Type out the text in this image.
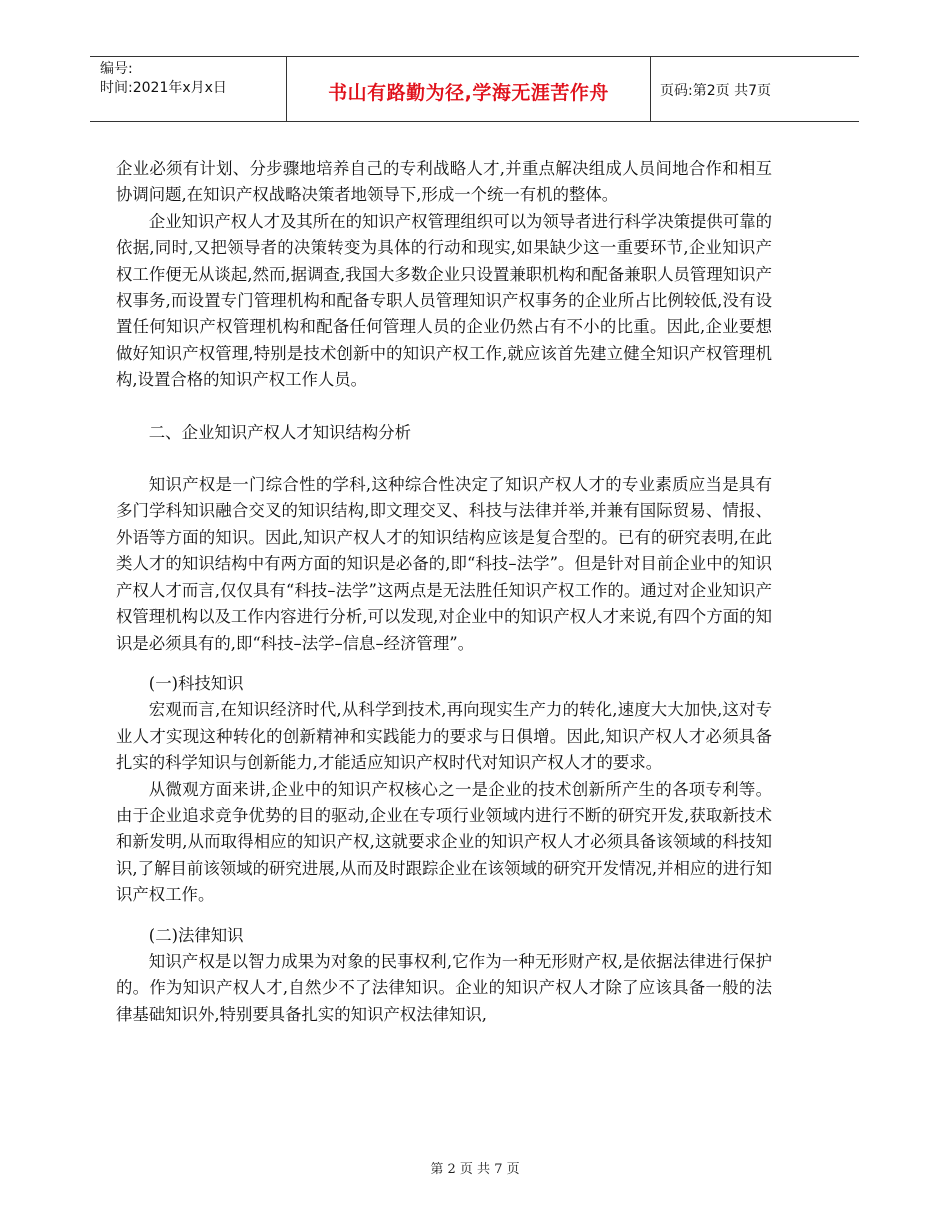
编号:
时间:2021年x月x日	书山有路勤为径,学海无涯苦作舟	页码:第2页 共7页

企业必须有计划、分步骤地培养自己的专利战略人才,并重点解决组成人员间地合作和相互协调问题,在知识产权战略决策者地领导下,形成一个统一有机的整体。

企业知识产权人才及其所在的知识产权管理组织可以为领导者进行科学决策提供可靠的依据,同时,又把领导者的决策转变为具体的行动和现实,如果缺少这一重要环节,企业知识产权工作便无从谈起,然而,据调查,我国大多数企业只设置兼职机构和配备兼职人员管理知识产权事务,而设置专门管理机构和配备专职人员管理知识产权事务的企业所占比例较低,没有设置任何知识产权管理机构和配备任何管理人员的企业仍然占有不小的比重。因此,企业要想做好知识产权管理,特别是技术创新中的知识产权工作,就应该首先建立健全知识产权管理机构,设置合格的知识产权工作人员。

二、企业知识产权人才知识结构分析

知识产权是一门综合性的学科,这种综合性决定了知识产权人才的专业素质应当是具有多门学科知识融合交叉的知识结构,即文理交叉、科技与法律并举,并兼有国际贸易、情报、外语等方面的知识。因此,知识产权人才的知识结构应该是复合型的。已有的研究表明,在此类人才的知识结构中有两方面的知识是必备的,即“科技–法学”。但是针对目前企业中的知识产权人才而言,仅仅具有“科技–法学”这两点是无法胜任知识产权工作的。通过对企业知识产权管理机构以及工作内容进行分析,可以发现,对企业中的知识产权人才来说,有四个方面的知识是必须具有的,即“科技–法学–信息–经济管理”。

(一)科技知识

宏观而言,在知识经济时代,从科学到技术,再向现实生产力的转化,速度大大加快,这对专业人才实现这种转化的创新精神和实践能力的要求与日俱增。因此,知识产权人才必须具备扎实的科学知识与创新能力,才能适应知识产权时代对知识产权人才的要求。

从微观方面来讲,企业中的知识产权核心之一是企业的技术创新所产生的各项专利等。由于企业追求竞争优势的目的驱动,企业在专项行业领域内进行不断的研究开发,获取新技术和新发明,从而取得相应的知识产权,这就要求企业的知识产权人才必须具备该领域的科技知识,了解目前该领域的研究进展,从而及时跟踪企业在该领域的研究开发情况,并相应的进行知识产权工作。

(二)法律知识

知识产权是以智力成果为对象的民事权利,它作为一种无形财产权,是依据法律进行保护的。作为知识产权人才,自然少不了法律知识。企业的知识产权人才除了应该具备一般的法律基础知识外,特别要具备扎实的知识产权法律知识,

第 2 页 共 7 页
